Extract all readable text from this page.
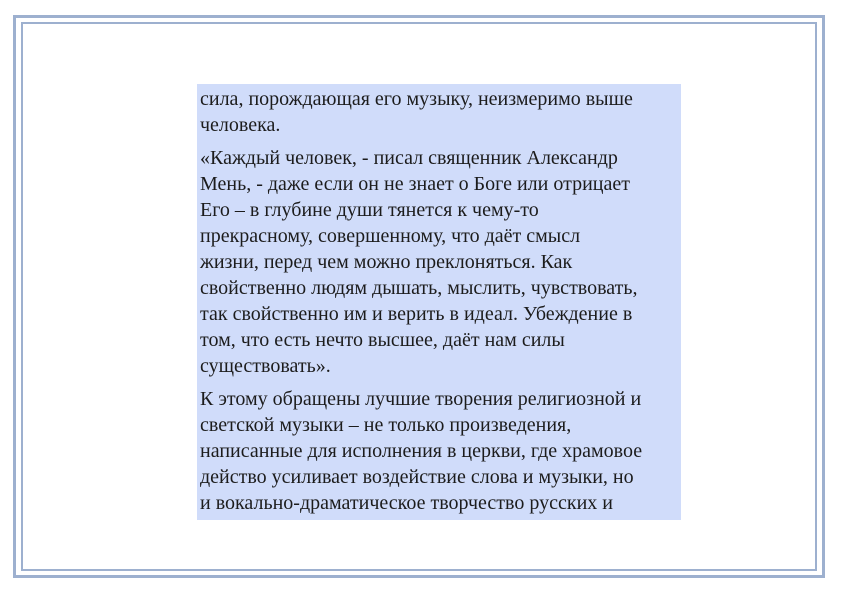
сила, порождающая его музыку, неизмеримо выше
человека.

«Каждый человек, - писал священник Александр
Мень, - даже если он не знает о Боге или отрицает
Его – в глубине души тянется к чему-то
прекрасному, совершенному, что даёт смысл
жизни, перед чем можно преклоняться. Как
свойственно людям дышать, мыслить, чувствовать,
так свойственно им и верить в идеал. Убеждение в
том, что есть нечто высшее, даёт нам силы
существовать».

К этому обращены лучшие творения религиозной и
светской музыки – не только произведения,
написанные для исполнения в церкви, где храмовое
действо усиливает воздействие слова и музыки, но
и вокально-драматическое творчество русских и
